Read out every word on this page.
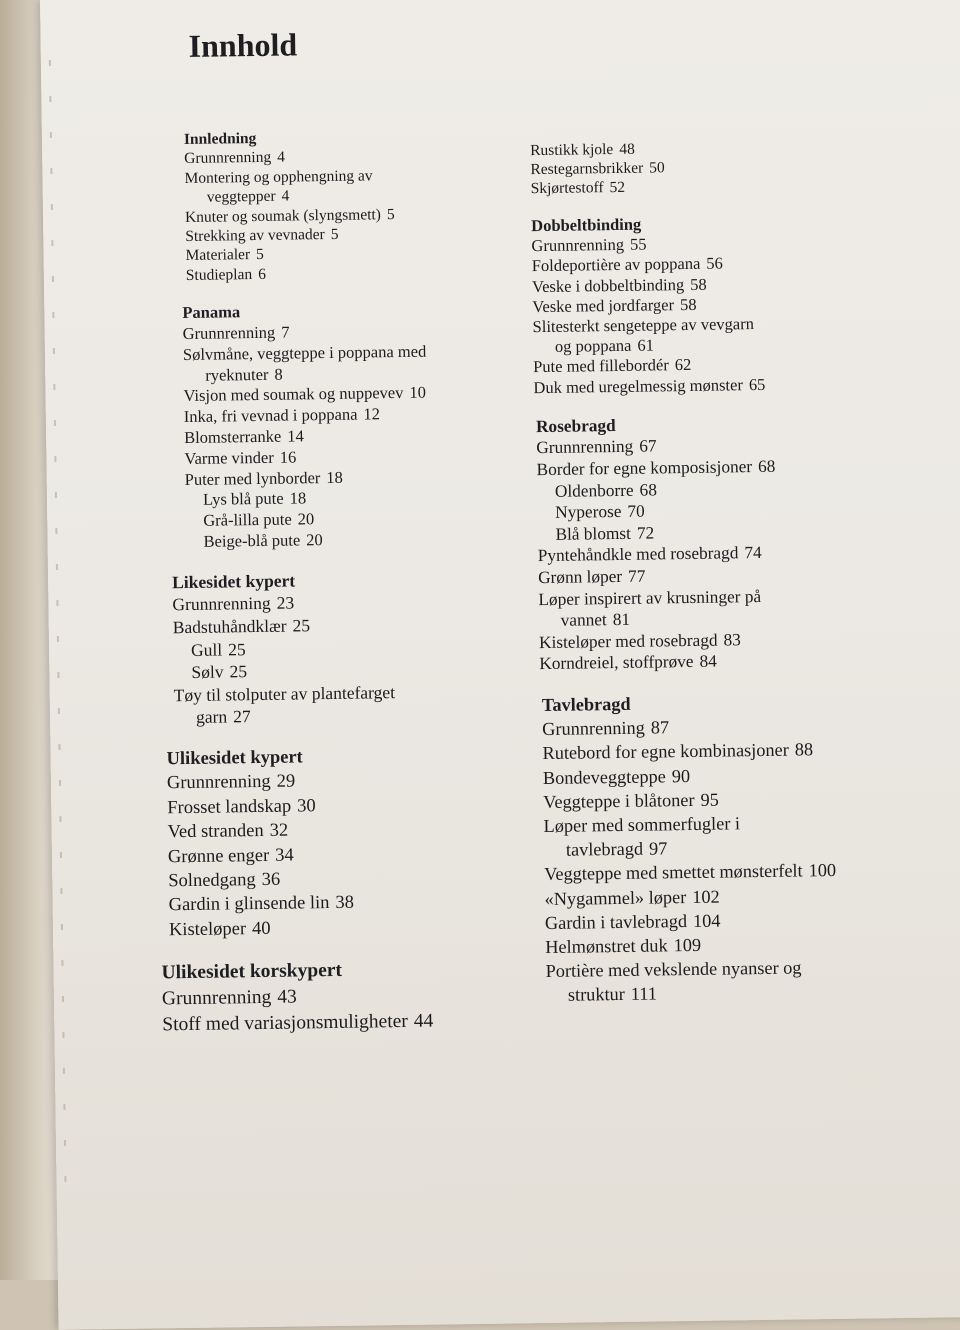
Innhold
Innledning
Grunnrenning 4
Montering og opphengning av
veggtepper 4
Knuter og soumak (slyngsmett) 5
Strekking av vevnader 5
Materialer 5
Studieplan 6
Panama
Grunnrenning 7
Sølvmåne, veggteppe i poppana med
ryeknuter 8
Visjon med soumak og nuppevev 10
Inka, fri vevnad i poppana 12
Blomsterranke 14
Varme vinder 16
Puter med lynborder 18
Lys blå pute 18
Grå-lilla pute 20
Beige-blå pute 20
Likesidet kypert
Grunnrenning 23
Badstuhåndklær 25
Gull 25
Sølv 25
Tøy til stolputer av plantefarget
garn 27
Ulikesidet kypert
Grunnrenning 29
Frosset landskap 30
Ved stranden 32
Grønne enger 34
Solnedgang 36
Gardin i glinsende lin 38
Kisteløper 40
Ulikesidet korskypert
Grunnrenning 43
Stoff med variasjonsmuligheter 44
Rustikk kjole 48
Restegarnsbrikker 50
Skjørtestoff 52
Dobbeltbinding
Grunnrenning 55
Foldeportière av poppana 56
Veske i dobbeltbinding 58
Veske med jordfarger 58
Slitesterkt sengeteppe av vevgarn
og poppana 61
Pute med fillebordér 62
Duk med uregelmessig mønster 65
Rosebragd
Grunnrenning 67
Border for egne komposisjoner 68
Oldenborre 68
Nyperose 70
Blå blomst 72
Pyntehåndkle med rosebragd 74
Grønn løper 77
Løper inspirert av krusninger på
vannet 81
Kisteløper med rosebragd 83
Korndreiel, stoffprøve 84
Tavlebragd
Grunnrenning 87
Rutebord for egne kombinasjoner 88
Bondeveggteppe 90
Veggteppe i blåtoner 95
Løper med sommerfugler i
tavlebragd 97
Veggteppe med smettet mønsterfelt 100
«Nygammel» løper 102
Gardin i tavlebragd 104
Helmønstret duk 109
Portière med vekslende nyanser og
struktur 111
